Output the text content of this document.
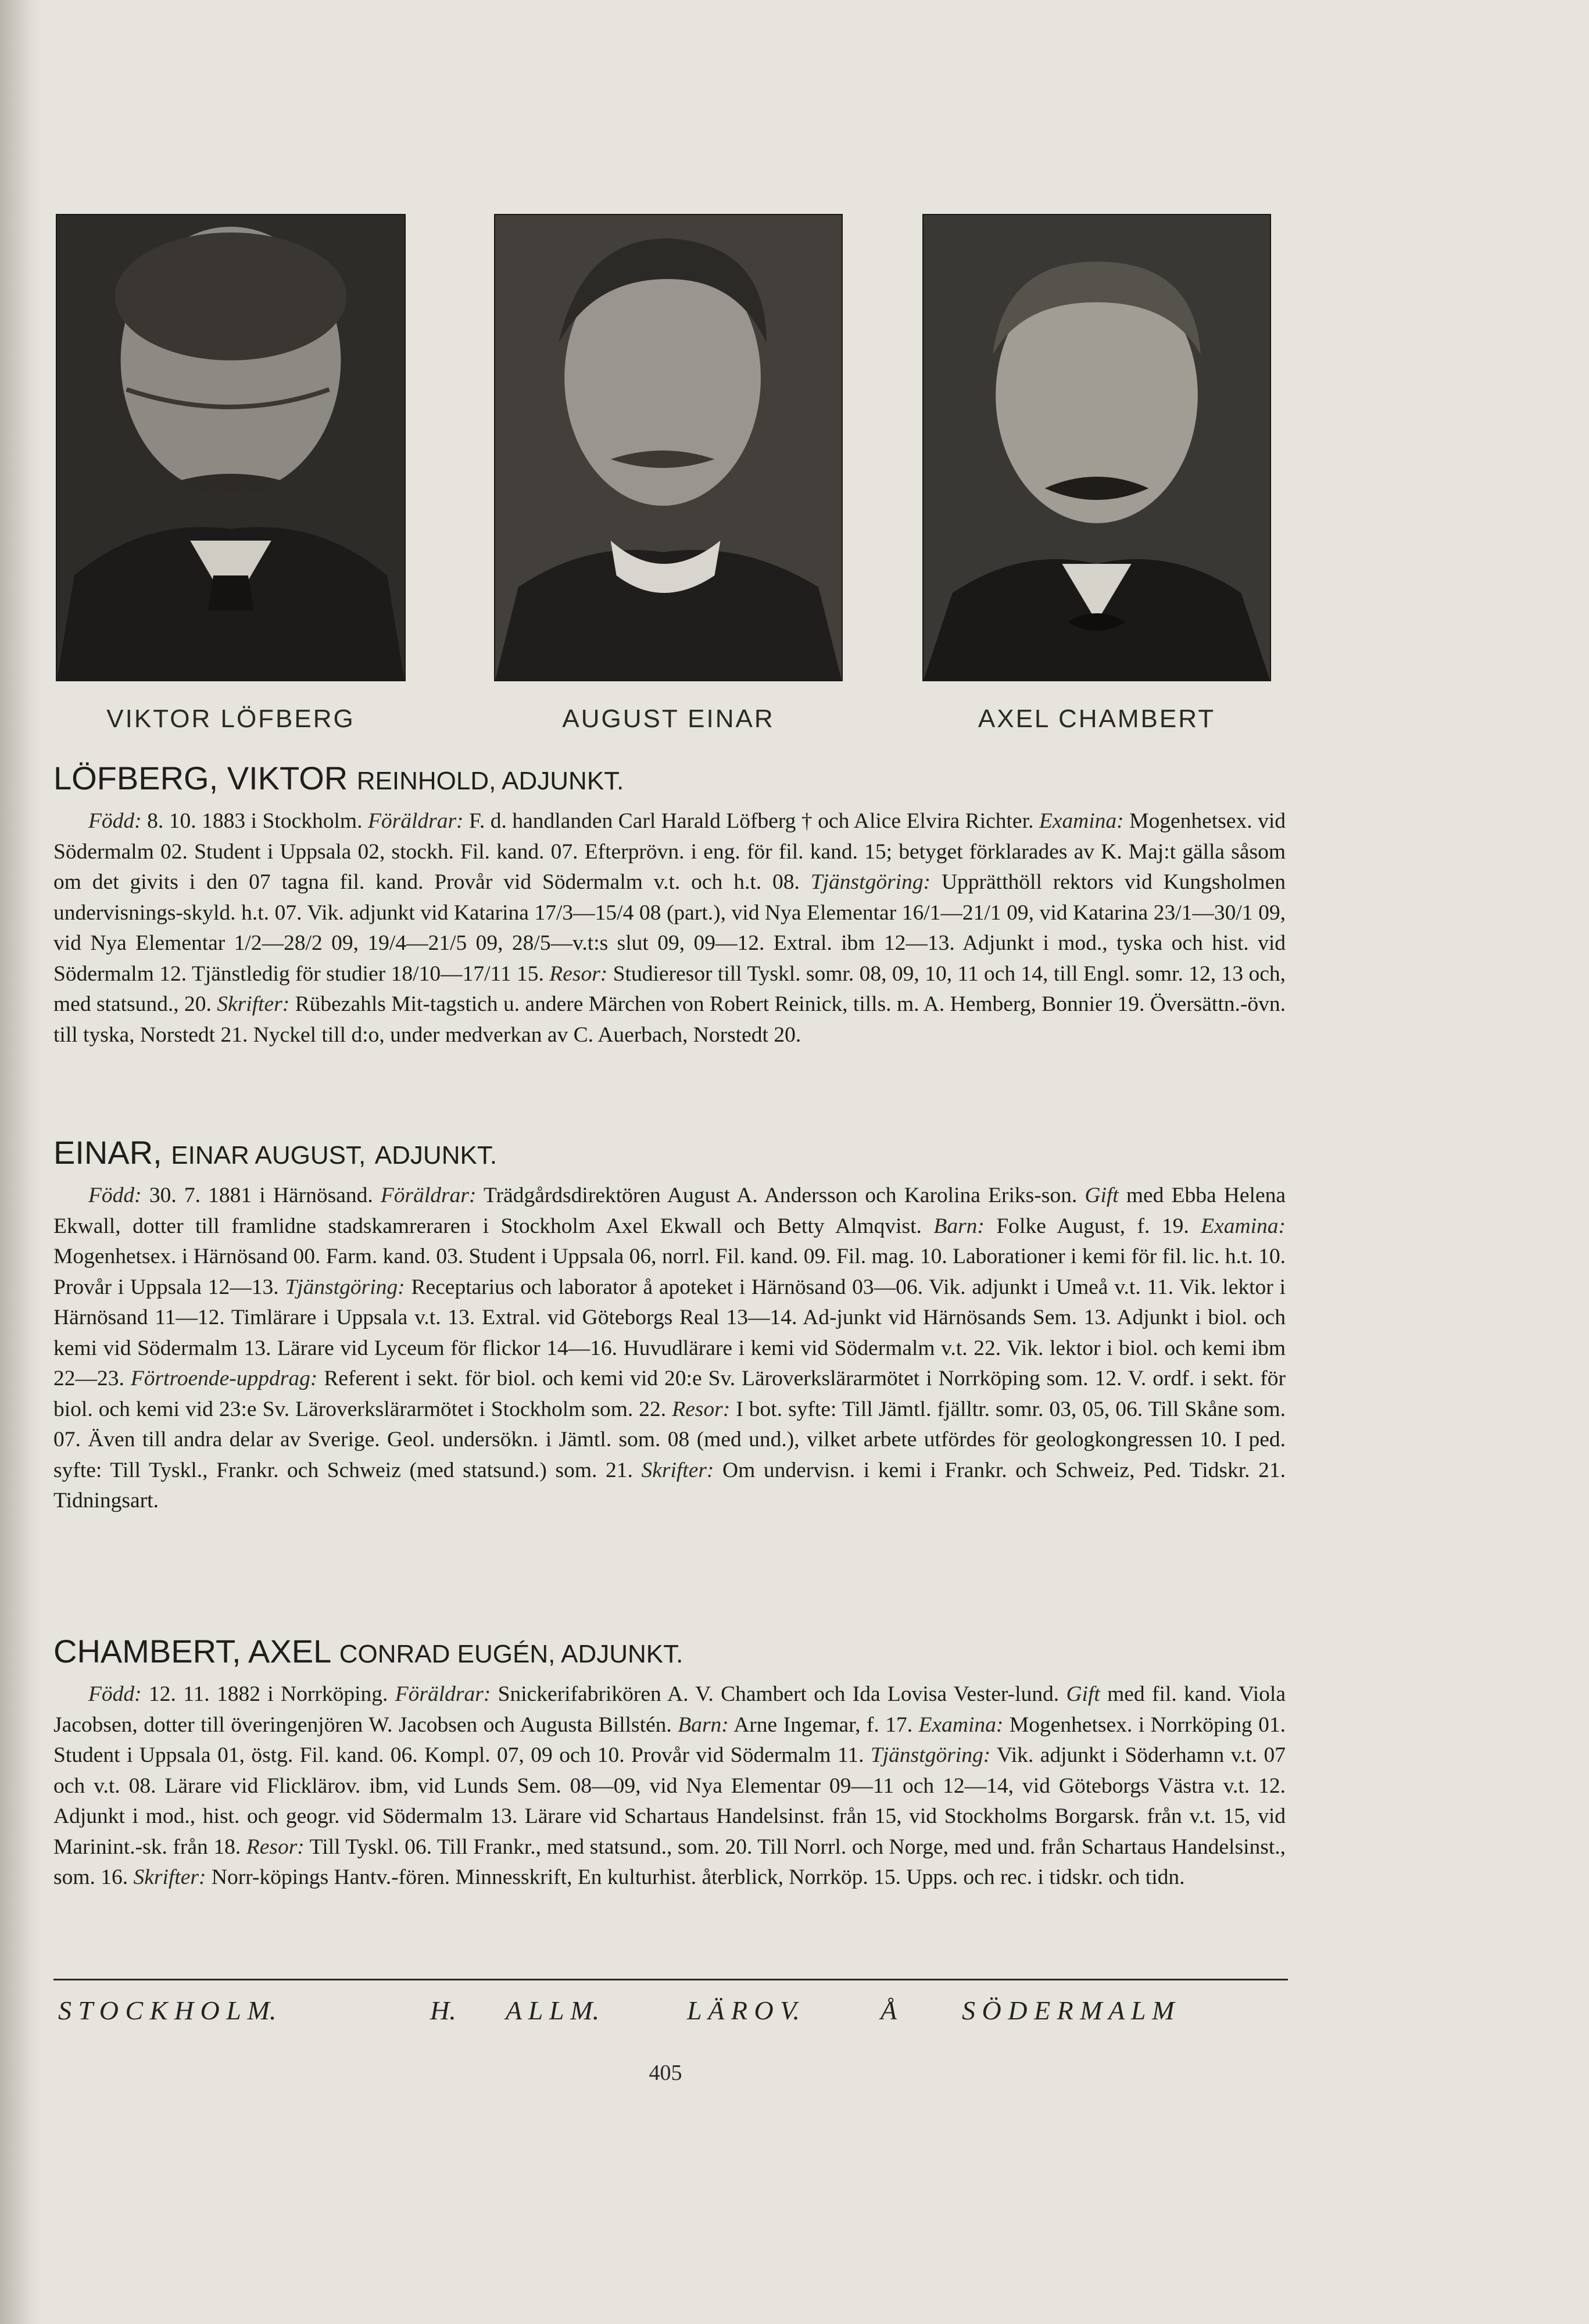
VIKTOR LÖFBERG	AUGUST EINAR	AXEL CHAMBERT
LÖFBERG, VIKTOR REINHOLD, ADJUNKT.

Född: 8. 10. 1883 i Stockholm. Föräldrar: F. d. handlanden Carl Harald Löfberg † och Alice Elvira Richter. Examina: Mogenhetsex. vid Södermalm 02. Student i Uppsala 02, stockh. Fil. kand. 07. Efterprövn. i eng. för fil. kand. 15; betyget förklarades av K. Maj:t gälla såsom om det givits i den 07 tagna fil. kand. Provår vid Södermalm v.t. och h.t. 08. Tjänstgöring: Upprätthöll rektors vid Kungsholmen undervisnings-skyld. h.t. 07. Vik. adjunkt vid Katarina 17/3—15/4 08 (part.), vid Nya Elementar 16/1—21/1 09, vid Katarina 23/1—30/1 09, vid Nya Elementar 1/2—28/2 09, 19/4—21/5 09, 28/5—v.t:s slut 09, 09—12. Extral. ibm 12—13. Adjunkt i mod., tyska och hist. vid Södermalm 12. Tjänstledig för studier 18/10—17/11 15. Resor: Studieresor till Tyskl. somr. 08, 09, 10, 11 och 14, till Engl. somr. 12, 13 och, med statsund., 20. Skrifter: Rübezahls Mit-tagstich u. andere Märchen von Robert Reinick, tills. m. A. Hemberg, Bonnier 19. Översättn.-övn. till tyska, Norstedt 21. Nyckel till d:o, under medverkan av C. Auerbach, Norstedt 20.

EINAR, EINAR AUGUST, ADJUNKT.

Född: 30. 7. 1881 i Härnösand. Föräldrar: Trädgårdsdirektören August A. Andersson och Karolina Eriks-son. Gift med Ebba Helena Ekwall, dotter till framlidne stadskamreraren i Stockholm Axel Ekwall och Betty Almqvist. Barn: Folke August, f. 19. Examina: Mogenhetsex. i Härnösand 00. Farm. kand. 03. Student i Uppsala 06, norrl. Fil. kand. 09. Fil. mag. 10. Laborationer i kemi för fil. lic. h.t. 10. Provår i Uppsala 12—13. Tjänstgöring: Receptarius och laborator å apoteket i Härnösand 03—06. Vik. adjunkt i Umeå v.t. 11. Vik. lektor i Härnösand 11—12. Timlärare i Uppsala v.t. 13. Extral. vid Göteborgs Real 13—14. Ad-junkt vid Härnösands Sem. 13. Adjunkt i biol. och kemi vid Södermalm 13. Lärare vid Lyceum för flickor 14—16. Huvudlärare i kemi vid Södermalm v.t. 22. Vik. lektor i biol. och kemi ibm 22—23. Förtroende-uppdrag: Referent i sekt. för biol. och kemi vid 20:e Sv. Läroverkslärarmötet i Norrköping som. 12. V. ordf. i sekt. för biol. och kemi vid 23:e Sv. Läroverkslärarmötet i Stockholm som. 22. Resor: I bot. syfte: Till Jämtl. fjälltr. somr. 03, 05, 06. Till Skåne som. 07. Även till andra delar av Sverige. Geol. undersökn. i Jämtl. som. 08 (med und.), vilket arbete utfördes för geologkongressen 10. I ped. syfte: Till Tyskl., Frankr. och Schweiz (med statsund.) som. 21. Skrifter: Om undervisn. i kemi i Frankr. och Schweiz, Ped. Tidskr. 21. Tidningsart.

CHAMBERT, AXEL CONRAD EUGÉN, ADJUNKT.

Född: 12. 11. 1882 i Norrköping. Föräldrar: Snickerifabrikören A. V. Chambert och Ida Lovisa Vester-lund. Gift med fil. kand. Viola Jacobsen, dotter till överingenjören W. Jacobsen och Augusta Billstén. Barn: Arne Ingemar, f. 17. Examina: Mogenhetsex. i Norrköping 01. Student i Uppsala 01, östg. Fil. kand. 06. Kompl. 07, 09 och 10. Provår vid Södermalm 11. Tjänstgöring: Vik. adjunkt i Söderhamn v.t. 07 och v.t. 08. Lärare vid Flicklärov. ibm, vid Lunds Sem. 08—09, vid Nya Elementar 09—11 och 12—14, vid Göteborgs Västra v.t. 12. Adjunkt i mod., hist. och geogr. vid Södermalm 13. Lärare vid Schartaus Handelsinst. från 15, vid Stockholms Borgarsk. från v.t. 15, vid Marinint.-sk. från 18. Resor: Till Tyskl. 06. Till Frankr., med statsund., som. 20. Till Norrl. och Norge, med und. från Schartaus Handelsinst., som. 16. Skrifter: Norr-köpings Hantv.-fören. Minnesskrift, En kulturhist. återblick, Norrköp. 15. Upps. och rec. i tidskr. och tidn.

S T O C K H O L M.	H. A L L M.	L Ä R O V.	Å S Ö D E R M A L M
405
